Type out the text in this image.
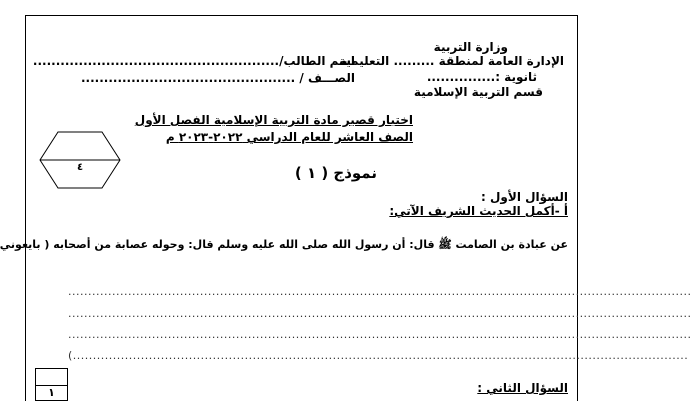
وزارة التربية
الإدارة العامة لمنطقة ......... التعليمية
ثانوية :...............
قسم التربية الإسلامية
اسم الطالب/......................................................
الصـــف / ...............................................
اختبار قصير مادة التربية الإسلامية الفصل الأول
الصف العاشر للعام الدراسي ٢٠٢٢-٢٠٢٣ م
نموذج ( ١ )
٤
السؤال الأول :
أ -أكمل الحديث الشريف الآتي:
عن عبادة بن الصامت ﷺ قال: أن رسول الله صلى الله عليه وسلم قال: وحوله عصابة من أصحابه ( بايعوني
............................................................................................................................................................
............................................................................................................................................................
............................................................................................................................................................
..........................................................................................................................................................)
١	السؤال الثاني :
